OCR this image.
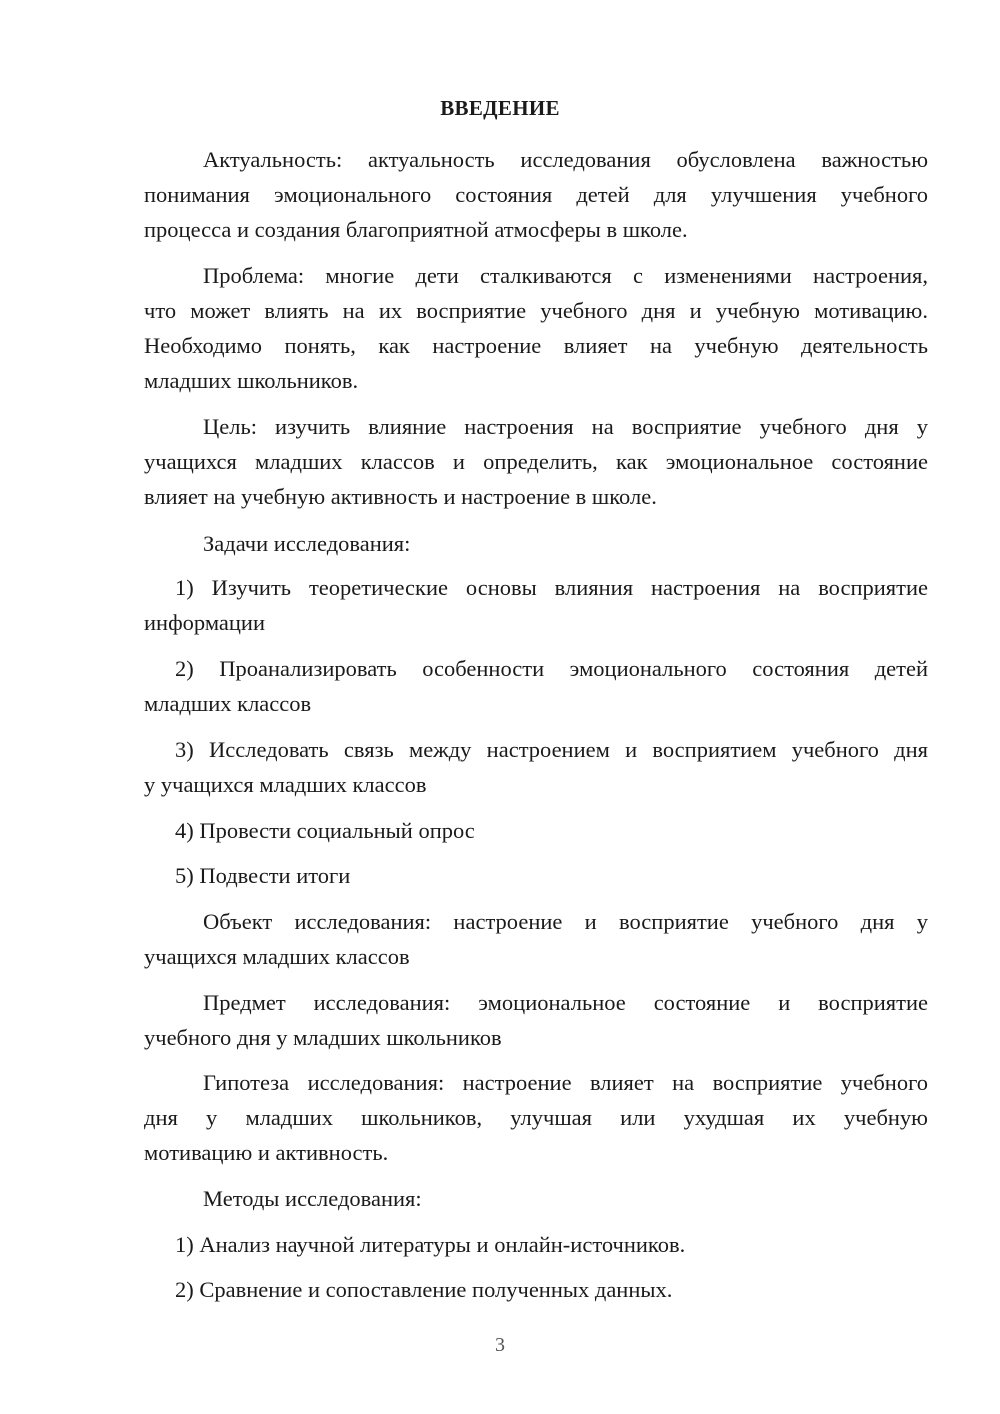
ВВЕДЕНИЕ
Актуальность: актуальность исследования обусловлена важностью
понимания эмоционального состояния детей для улучшения учебного
процесса и создания благоприятной атмосферы в школе.
Проблема: многие дети сталкиваются с изменениями настроения,
что может влиять на их восприятие учебного дня и учебную мотивацию.
Необходимо понять, как настроение влияет на учебную деятельность
младших школьников.
Цель: изучить влияние настроения на восприятие учебного дня у
учащихся младших классов и определить, как эмоциональное состояние
влияет на учебную активность и настроение в школе.
Задачи исследования:
1) Изучить теоретические основы влияния настроения на восприятие
информации
2) Проанализировать особенности эмоционального состояния детей
младших классов
3) Исследовать связь между настроением и восприятием учебного дня
у учащихся младших классов
4) Провести социальный опрос
5) Подвести итоги
Объект исследования: настроение и восприятие учебного дня у
учащихся младших классов
Предмет исследования: эмоциональное состояние и восприятие
учебного дня у младших школьников
Гипотеза исследования: настроение влияет на восприятие учебного
дня у младших школьников, улучшая или ухудшая их учебную
мотивацию и активность.
Методы исследования:
1) Анализ научной литературы и онлайн-источников.
2) Сравнение и сопоставление полученных данных.
3
